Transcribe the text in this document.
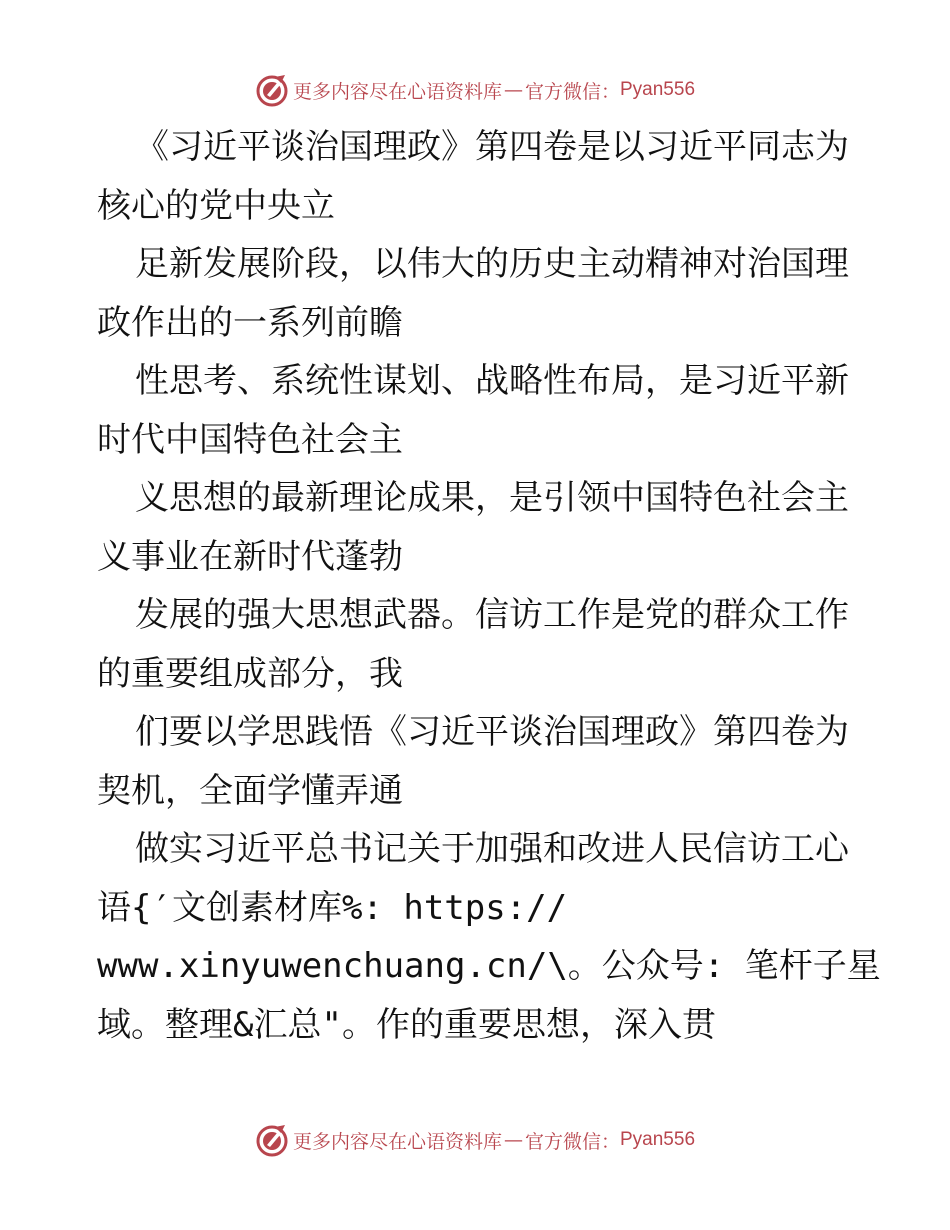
更多内容尽在心语资料库 — 官方微信： Pyan556
《习近平谈治国理政》第四卷是以习近平同志为
核心的党中央立
足新发展阶段，以伟大的历史主动精神对治国理
政作出的一系列前瞻
性思考、系统性谋划、战略性布局，是习近平新
时代中国特色社会主
义思想的最新理论成果，是引领中国特色社会主
义事业在新时代蓬勃
发展的强大思想武器。信访工作是党的群众工作
的重要组成部分，我
们要以学思践悟《习近平谈治国理政》第四卷为
契机，全面学懂弄通
做实习近平总书记关于加强和改进人民信访工心
语{′文创素材库%: https://
www.xinyuwenchuang.cn/\。公众号: 笔杆子星
域。整理&汇总"。作的重要思想，深入贯
更多内容尽在心语资料库 — 官方微信： Pyan556
